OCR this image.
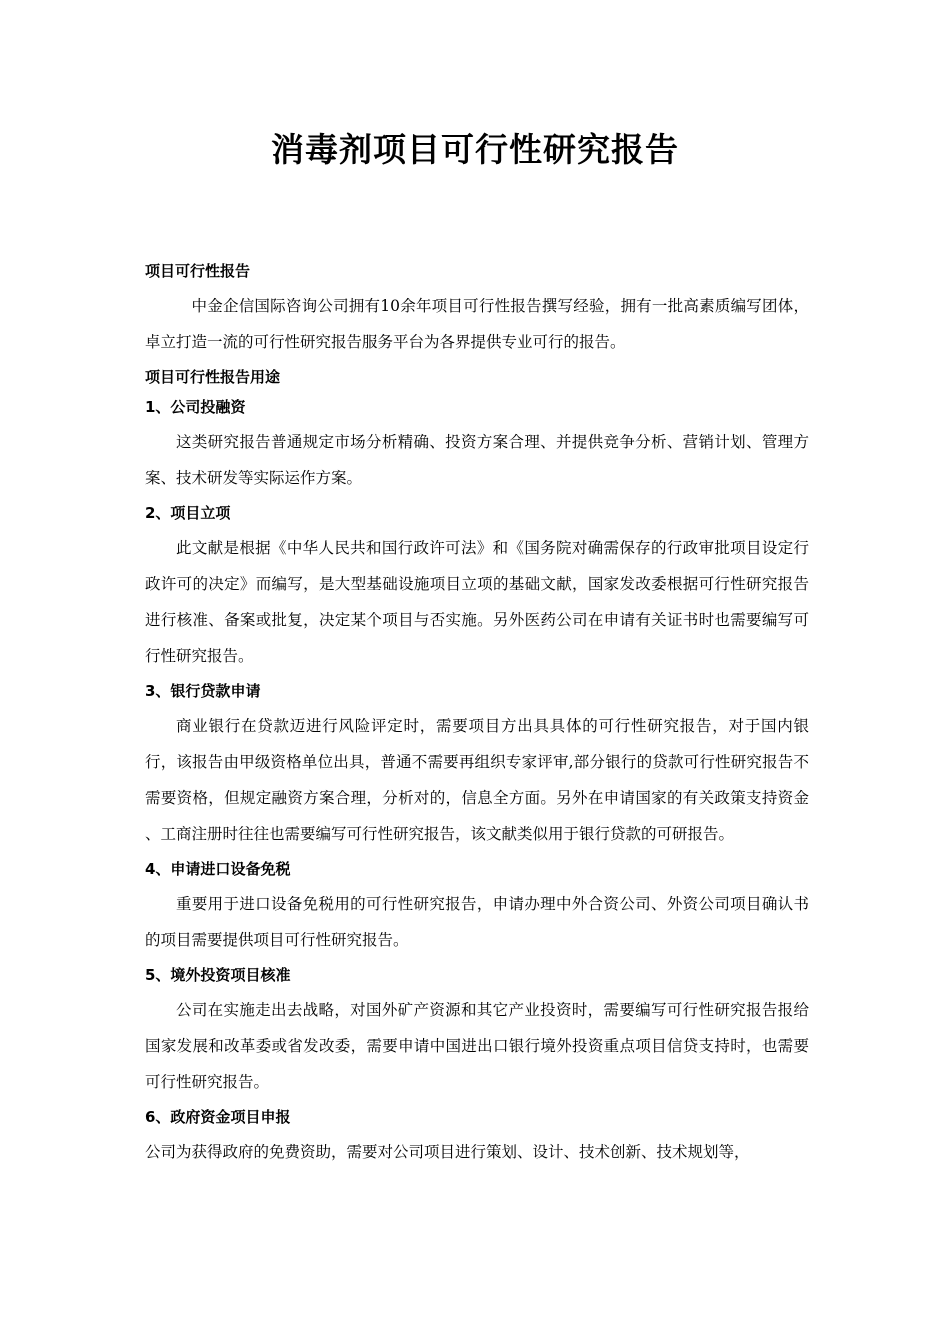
消毒剂项目可行性研究报告

项目可行性报告

中金企信国际咨询公司拥有10余年项目可行性报告撰写经验，拥有一批高素质编写团体，卓立打造一流的可行性研究报告服务平台为各界提供专业可行的报告。

项目可行性报告用途

1、公司投融资

这类研究报告普通规定市场分析精确、投资方案合理、并提供竞争分析、营销计划、管理方案、技术研发等实际运作方案。

2、项目立项

此文献是根据《中华人民共和国行政许可法》和《国务院对确需保存的行政审批项目设定行政许可的决定》而编写，是大型基础设施项目立项的基础文献，国家发改委根据可行性研究报告进行核准、备案或批复，决定某个项目与否实施。另外医药公司在申请有关证书时也需要编写可行性研究报告。

3、银行贷款申请

商业银行在贷款迈进行风险评定时，需要项目方出具具体的可行性研究报告，对于国内银行，该报告由甲级资格单位出具，普通不需要再组织专家评审,部分银行的贷款可行性研究报告不需要资格，但规定融资方案合理，分析对的，信息全方面。另外在申请国家的有关政策支持资金 、工商注册时往往也需要编写可行性研究报告，该文献类似用于银行贷款的可研报告。

4、申请进口设备免税

重要用于进口设备免税用的可行性研究报告，申请办理中外合资公司、外资公司项目确认书的项目需要提供项目可行性研究报告。

5、境外投资项目核准

公司在实施走出去战略，对国外矿产资源和其它产业投资时，需要编写可行性研究报告报给国家发展和改革委或省发改委，需要申请中国进出口银行境外投资重点项目信贷支持时，也需要可行性研究报告。

6、政府资金项目申报

公司为获得政府的免费资助，需要对公司项目进行策划、设计、技术创新、技术规划等，
